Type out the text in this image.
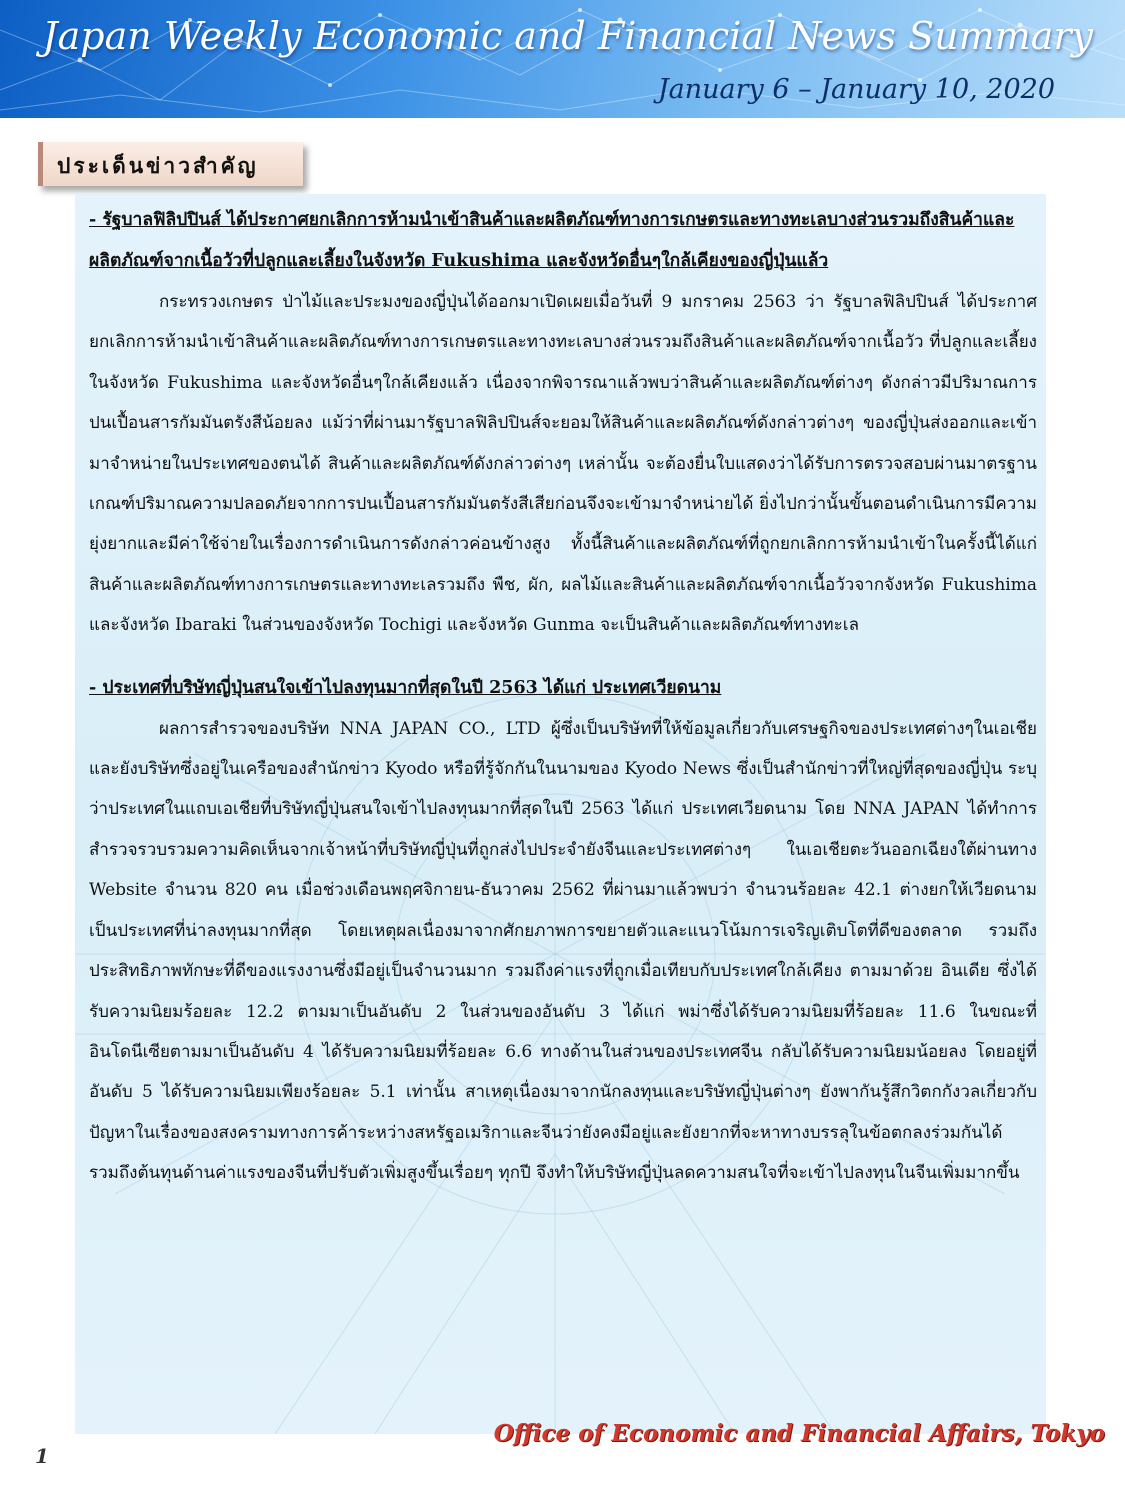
Japan Weekly Economic and Financial News Summary
January 6 – January 10, 2020
ประเด็นข่าวสำคัญ

- รัฐบาลฟิลิปปินส์ ได้ประกาศยกเลิกการห้ามนำเข้าสินค้าและผลิตภัณฑ์ทางการเกษตรและทางทะเลบางส่วนรวมถึงสินค้าและผลิตภัณฑ์จากเนื้อวัวที่ปลูกและเลี้ยงในจังหวัด Fukushima และจังหวัดอื่นๆใกล้เคียงของญี่ปุ่นแล้ว

กระทรวงเกษตร ป่าไม้และประมงของญี่ปุ่นได้ออกมาเปิดเผยเมื่อวันที่ 9 มกราคม 2563 ว่า รัฐบาลฟิลิปปินส์ ได้ประกาศยกเลิกการห้ามนำเข้าสินค้าและผลิตภัณฑ์ทางการเกษตรและทางทะเลบางส่วนรวมถึงสินค้าและผลิตภัณฑ์จากเนื้อวัว ที่ปลูกและเลี้ยงในจังหวัด Fukushima และจังหวัดอื่นๆใกล้เคียงแล้ว เนื่องจากพิจารณาแล้วพบว่าสินค้าและผลิตภัณฑ์ต่างๆ ดังกล่าวมีปริมาณการปนเปื้อนสารกัมมันตรังสีน้อยลง แม้ว่าที่ผ่านมารัฐบาลฟิลิปปินส์จะยอมให้สินค้าและผลิตภัณฑ์ดังกล่าวต่างๆ ของญี่ปุ่นส่งออกและเข้ามาจำหน่ายในประเทศของตนได้ สินค้าและผลิตภัณฑ์ดังกล่าวต่างๆ เหล่านั้น จะต้องยื่นใบแสดงว่าได้รับการตรวจสอบผ่านมาตรฐานเกณฑ์ปริมาณความปลอดภัยจากการปนเปื้อนสารกัมมันตรังสีเสียก่อนจึงจะเข้ามาจำหน่ายได้ ยิ่งไปกว่านั้นขั้นตอนดำเนินการมีความยุ่งยากและมีค่าใช้จ่ายในเรื่องการดำเนินการดังกล่าวค่อนข้างสูง ทั้งนี้สินค้าและผลิตภัณฑ์ที่ถูกยกเลิกการห้ามนำเข้าในครั้งนี้ได้แก่ สินค้าและผลิตภัณฑ์ทางการเกษตรและทางทะเลรวมถึง พืช, ผัก, ผลไม้และสินค้าและผลิตภัณฑ์จากเนื้อวัวจากจังหวัด Fukushima และจังหวัด Ibaraki ในส่วนของจังหวัด Tochigi และจังหวัด Gunma จะเป็นสินค้าและผลิตภัณฑ์ทางทะเล

- ประเทศที่บริษัทญี่ปุ่นสนใจเข้าไปลงทุนมากที่สุดในปี 2563 ได้แก่ ประเทศเวียดนาม

ผลการสำรวจของบริษัท NNA JAPAN CO., LTD ผู้ซึ่งเป็นบริษัทที่ให้ข้อมูลเกี่ยวกับเศรษฐกิจของประเทศต่างๆในเอเชีย และยังบริษัทซึ่งอยู่ในเครือของสำนักข่าว Kyodo หรือที่รู้จักกันในนามของ Kyodo News ซึ่งเป็นสำนักข่าวที่ใหญ่ที่สุดของญี่ปุ่น ระบุว่าประเทศในแถบเอเชียที่บริษัทญี่ปุ่นสนใจเข้าไปลงทุนมากที่สุดในปี 2563 ได้แก่ ประเทศเวียดนาม โดย NNA JAPAN ได้ทำการสำรวจรวบรวมความคิดเห็นจากเจ้าหน้าที่บริษัทญี่ปุ่นที่ถูกส่งไปประจำยังจีนและประเทศต่างๆ ในเอเชียตะวันออกเฉียงใต้ผ่านทาง Website จำนวน 820 คน เมื่อช่วงเดือนพฤศจิกายน-ธันวาคม 2562 ที่ผ่านมาแล้วพบว่า จำนวนร้อยละ 42.1 ต่างยกให้เวียดนามเป็นประเทศที่น่าลงทุนมากที่สุด โดยเหตุผลเนื่องมาจากศักยภาพการขยายตัวและแนวโน้มการเจริญเติบโตที่ดีของตลาด รวมถึงประสิทธิภาพทักษะที่ดีของแรงงานซึ่งมีอยู่เป็นจำนวนมาก รวมถึงค่าแรงที่ถูกเมื่อเทียบกับประเทศใกล้เคียง ตามมาด้วย อินเดีย ซึ่งได้รับความนิยมร้อยละ 12.2 ตามมาเป็นอันดับ 2 ในส่วนของอันดับ 3 ได้แก่ พม่าซึ่งได้รับความนิยมที่ร้อยละ 11.6 ในขณะที่อินโดนีเซียตามมาเป็นอันดับ 4 ได้รับความนิยมที่ร้อยละ 6.6 ทางด้านในส่วนของประเทศจีน กลับได้รับความนิยมน้อยลง โดยอยู่ที่อันดับ 5 ได้รับความนิยมเพียงร้อยละ 5.1 เท่านั้น สาเหตุเนื่องมาจากนักลงทุนและบริษัทญี่ปุ่นต่างๆ ยังพากันรู้สึกวิตกกังวลเกี่ยวกับปัญหาในเรื่องของสงครามทางการค้าระหว่างสหรัฐอเมริกาและจีนว่ายังคงมีอยู่และยังยากที่จะหาทางบรรลุในข้อตกลงร่วมกันได้ รวมถึงต้นทุนด้านค่าแรงของจีนที่ปรับตัวเพิ่มสูงขึ้นเรื่อยๆ ทุกปี จึงทำให้บริษัทญี่ปุ่นลดความสนใจที่จะเข้าไปลงทุนในจีนเพิ่มมากขึ้น

1
Office of Economic and Financial Affairs, Tokyo
